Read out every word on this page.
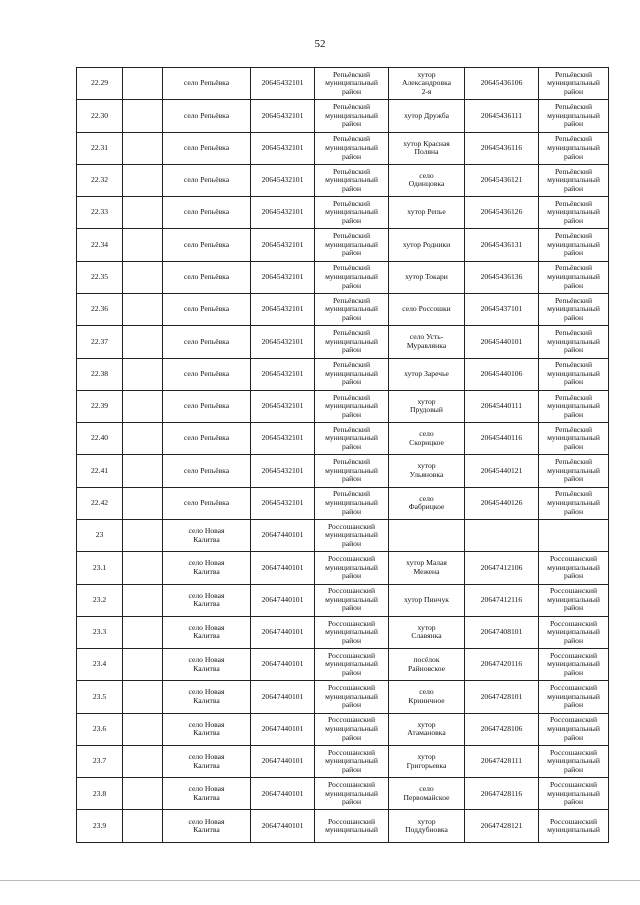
52
22.29		село Репьёвка	20645432101	Репьёвский
муниципальный
район	хутор
Александровка
2-я	20645436106	Репьёвский
муниципальный
район
22.30		село Репьёвка	20645432101	Репьёвский
муниципальный
район	хутор Дружба	20645436111	Репьёвский
муниципальный
район
22.31		село Репьёвка	20645432101	Репьёвский
муниципальный
район	хутор Красная
Поляна	20645436116	Репьёвский
муниципальный
район
22.32		село Репьёвка	20645432101	Репьёвский
муниципальный
район	село
Одинцовка	20645436121	Репьёвский
муниципальный
район
22.33		село Репьёвка	20645432101	Репьёвский
муниципальный
район	хутор Репье	20645436126	Репьёвский
муниципальный
район
22.34		село Репьёвка	20645432101	Репьёвский
муниципальный
район	хутор Родники	20645436131	Репьёвский
муниципальный
район
22.35		село Репьёвка	20645432101	Репьёвский
муниципальный
район	хутор Токари	20645436136	Репьёвский
муниципальный
район
22.36		село Репьёвка	20645432101	Репьёвский
муниципальный
район	село Россошки	20645437101	Репьёвский
муниципальный
район
22.37		село Репьёвка	20645432101	Репьёвский
муниципальный
район	село Усть-
Муравлянка	20645440101	Репьёвский
муниципальный
район
22.38		село Репьёвка	20645432101	Репьёвский
муниципальный
район	хутор Заречье	20645440106	Репьёвский
муниципальный
район
22.39		село Репьёвка	20645432101	Репьёвский
муниципальный
район	хутор
Прудовый	20645440111	Репьёвский
муниципальный
район
22.40		село Репьёвка	20645432101	Репьёвский
муниципальный
район	село
Скорицкое	20645440116	Репьёвский
муниципальный
район
22.41		село Репьёвка	20645432101	Репьёвский
муниципальный
район	хутор
Ульяновка	20645440121	Репьёвский
муниципальный
район
22.42		село Репьёвка	20645432101	Репьёвский
муниципальный
район	село
Фабрицкое	20645440126	Репьёвский
муниципальный
район
23		село Новая
Калитва	20647440101	Россошанский
муниципальный
район			
23.1		село Новая
Калитва	20647440101	Россошанский
муниципальный
район	хутор Малая
Межена	20647412106	Россошанский
муниципальный
район
23.2		село Новая
Калитва	20647440101	Россошанский
муниципальный
район	хутор Пинчук	20647412116	Россошанский
муниципальный
район
23.3		село Новая
Калитва	20647440101	Россошанский
муниципальный
район	хутор
Славянка	20647408101	Россошанский
муниципальный
район
23.4		село Новая
Калитва	20647440101	Россошанский
муниципальный
район	посёлок
Райновское	20647420116	Россошанский
муниципальный
район
23.5		село Новая
Калитва	20647440101	Россошанский
муниципальный
район	село
Криничное	20647428101	Россошанский
муниципальный
район
23.6		село Новая
Калитва	20647440101	Россошанский
муниципальный
район	хутор
Атамановка	20647428106	Россошанский
муниципальный
район
23.7		село Новая
Калитва	20647440101	Россошанский
муниципальный
район	хутор
Григорьевка	20647428111	Россошанский
муниципальный
район
23.8		село Новая
Калитва	20647440101	Россошанский
муниципальный
район	село
Первомайское	20647428116	Россошанский
муниципальный
район
23.9		село Новая
Калитва	20647440101	Россошанский
муниципальный	хутор
Поддубновка	20647428121	Россошанский
муниципальный
